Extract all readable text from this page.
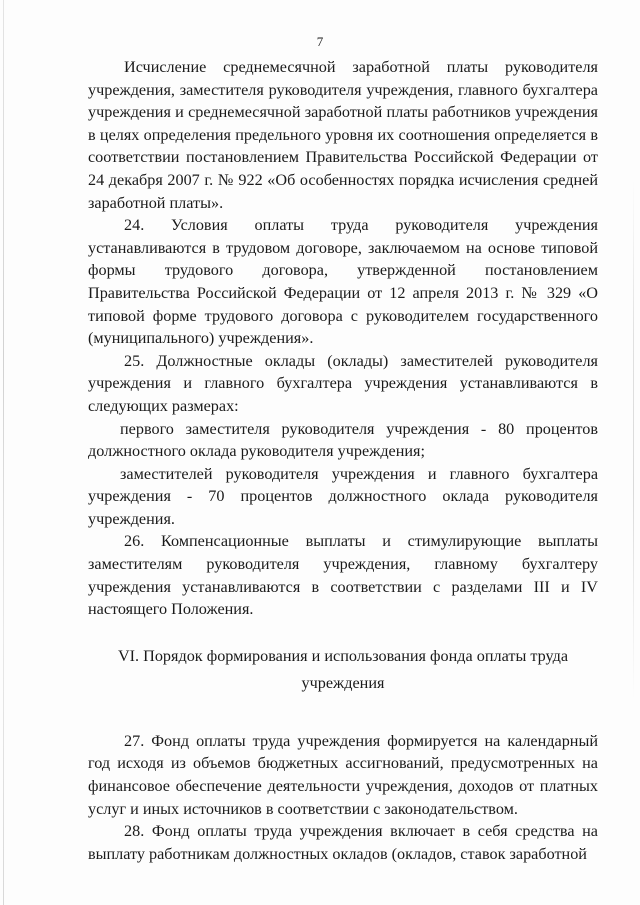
7

Исчисление среднемесячной заработной платы руководителя учреждения, заместителя руководителя учреждения, главного бухгалтера учреждения и среднемесячной заработной платы работников учреждения в целях определения предельного уровня их соотношения определяется в соответствии постановлением Правительства Российской Федерации от 24 декабря 2007 г. № 922 «Об особенностях порядка исчисления средней заработной платы».

24. Условия оплаты труда руководителя учреждения устанавливаются в трудовом договоре, заключаемом на основе типовой формы трудового договора, утвержденной постановлением Правительства Российской Федерации от 12 апреля 2013 г. № 329 «О типовой форме трудового договора с руководителем государственного (муниципального) учреждения».

25. Должностные оклады (оклады) заместителей руководителя учреждения и главного бухгалтера учреждения устанавливаются в следующих размерах:

первого заместителя руководителя учреждения - 80 процентов должностного оклада руководителя учреждения;

заместителей руководителя учреждения и главного бухгалтера учреждения - 70 процентов должностного оклада руководителя учреждения.

26. Компенсационные выплаты и стимулирующие выплаты заместителям руководителя учреждения, главному бухгалтеру учреждения устанавливаются в соответствии с разделами III и IV настоящего Положения.

VI. Порядок формирования и использования фонда оплаты труда
учреждения

27. Фонд оплаты труда учреждения формируется на календарный год исходя из объемов бюджетных ассигнований, предусмотренных на финансовое обеспечение деятельности учреждения, доходов от платных услуг и иных источников в соответствии с законодательством.

28. Фонд оплаты труда учреждения включает в себя средства на выплату работникам должностных окладов (окладов, ставок заработной
